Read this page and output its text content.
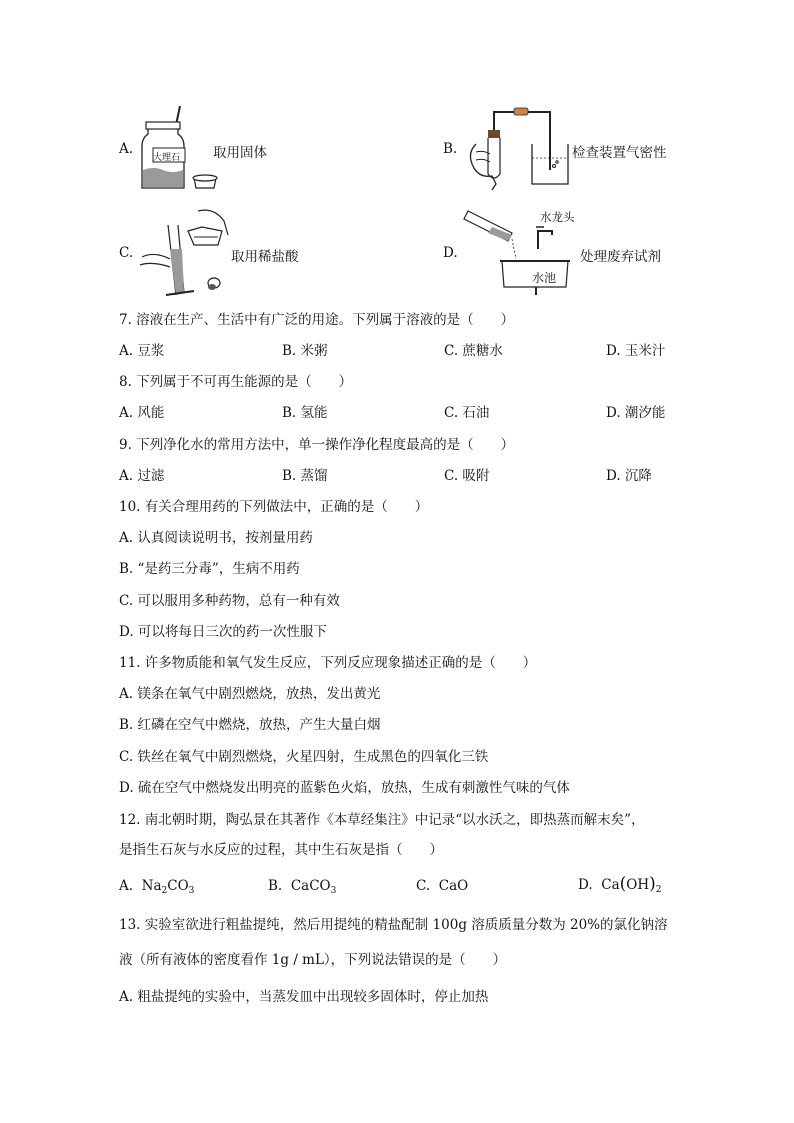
A.
大理石 取用固体	B.	检查装置气密性
C.	取用稀盐酸	D.
水龙头
水池
处理废弃试剂
7. 溶液在生产、生活中有广泛的用途。下列属于溶液的是（　　）
A. 豆浆	B. 米粥	C. 蔗糖水	D. 玉米汁
8. 下列属于不可再生能源的是（　　）
A. 风能	B. 氢能	C. 石油	D. 潮汐能
9. 下列净化水的常用方法中，单一操作净化程度最高的是（　　）
A. 过滤	B. 蒸馏	C. 吸附	D. 沉降
10. 有关合理用药的下列做法中，正确的是（　　）
A. 认真阅读说明书，按剂量用药
B. “是药三分毒”，生病不用药
C. 可以服用多种药物，总有一种有效
D. 可以将每日三次的药一次性服下
11. 许多物质能和氧气发生反应，下列反应现象描述正确的是（　　）
A. 镁条在氧气中剧烈燃烧，放热，发出黄光
B. 红磷在空气中燃烧，放热，产生大量白烟
C. 铁丝在氧气中剧烈燃烧，火星四射，生成黑色的四氧化三铁
D. 硫在空气中燃烧发出明亮的蓝紫色火焰，放热，生成有刺激性气味的气体
12. 南北朝时期，陶弘景在其著作《本草经集注》中记录“以水沃之，即热蒸而解末矣”，
是指生石灰与水反应的过程，其中生石灰是指（　　）
A. $Na_2CO_3$	B. CaCO$_3$	C. CaO	D. $Ca(OH)_2$
13. 实验室欲进行粗盐提纯，然后用提纯的精盐配制 100g 溶质质量分数为 20%的氯化钠溶
液（所有液体的密度看作 1g / mL），下列说法错误的是（　　）
A. 粗盐提纯的实验中，当蒸发皿中出现较多固体时，停止加热
